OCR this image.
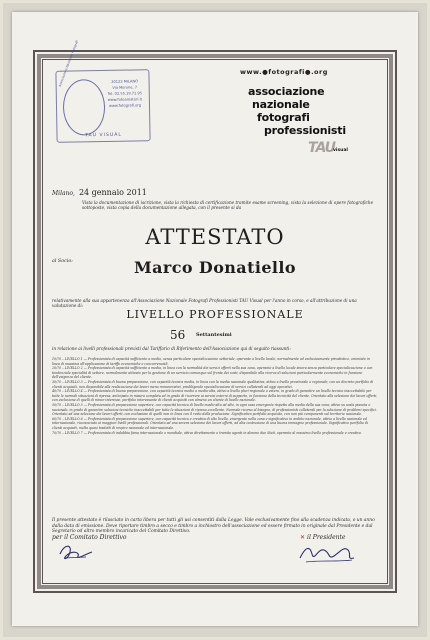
Associazione Nazionale Fotografi	20122 MILANO
Via Morone, 7
Tel. 02.55.19.71.95
www.fotoamatori.it
www.fotografi.org
TAU VISUAL
www.●fotografi●.org
associazione
nazionale
fotografi
professionisti
TAU
visual
Milano, 24 gennaio 2011
Vista la documentazione di iscrizione, vista la richiesta di certificazione tramite esame screening, vista la selezione di opere fotografiche sottoposte, vista copia della documentazione allegata, con il presente si da
ATTESTATO
al Socio:	Marco Donatiello
relativamente alla sua appartenenza all'Associazione Nazionale Fotografi Professionisti TAU Visual per l'anno in corso, e all'attribuzione di una valutazione di:
LIVELLO PROFESSIONALE
56 Settantesimi
in relazione ai livelli professionali previsti dal Tariffario di Riferimento dell'Associazione qui di seguito riassunti:

10/70 – LIVELLO 1 — Professionista di capacità sufficiente a medio, senza particolare specializzazione settoriale, operante a livello locale, normalmente od esclusivamente privatistico, orientato in linea di massima all'applicazione di tariffe economiche e concorrenziali.

20/70 – LIVELLO 2 — Professionista di capacità sufficiente a media, in linea con la normalità dei servizi offerti nella sua zona, operante a livello locale sinora senza particolare specializzazione o con tendenziale specialità di settore, normalmente attivato per la gestione di un servizio comunque sul fronte dei costi, disponibile alla ricerca di soluzioni particolarmente economiche in funzione dell'esigenza del cliente.

30/70 – LIVELLO 3 — Professionista di buona preparazione, con capacità tecnica media, in linea con la media nazionale qualitativa, attivo a livello provinciale o regionale, con un discreto portfolio di clienti acquisiti, non disponibile alla realizzazione dei lavori meno remunerativi, prediligendo specializzazione di servizi collaterali ad oggi operativi.

40/70 – LIVELLO 4 — Professionista di buona preparazione, con capacità tecnica medio a medio-alta, attivo a livello pluri-regionale o estero, in grado di garantire un livello tecnico inaccettabile per tutte le normali situazioni di ripresa, anticipato in misura completa ed in grado di ricorrere ai servizi esterni di supporto, in funzione della tecnicità del cliente. Orientato alla selezione dei lavori offerti, con esclusione di quelli di minor interesse, portfolio interessante di clienti acquisiti con almeno un cliente di livello nazionale.

50/70 – LIVELLO 5 — Professionista di preparazione superiore, con capacità tecnica di livello medio-alto od alto, in ogni caso emergente rispetto alla media della sua zona; attivo su scala pianeta o nazionale, in grado di garantire soluzioni tecniche inaccettabili per tutte le situazioni di ripresa eccellente. Normale ricorso al bisogno, di professionisti collaterali per la soluzione di problemi specifici. Orientato ad una selezione dei lavori offerti, con esclusione di quelli non in linea con il resto della produzione. Significativo portfolio acquisito, con non più componenti sul territorio nazionale.

60/70 – LIVELLO 6 — Professionista di preparazione superiore, con capacità tecnica e creativa di alto livello, emergente nella zona e significativo in ambito nazionale, attivo a livello nazionale ed internazionale, riconosciuto ai maggiori livelli professionali. Orientato ad una severa selezione dei lavori offerti, ad alta costruzione di una buona immagine professionale. Significativo portfolio di clienti acquisiti, molto quasi tradotti di respiro nazionale ed internazionale.

70/70 – LIVELLO 7 — Professionista di indubbia fama internazionale o mondiale, attivo direttamente o tramite agenti in almeno due Stati, operante al massimo livello professionale e creativo.

Il presente attestato è rilasciato in carta libera per tutti gli usi consentiti dalla Legge. Vale esclusivamente fino alla scadenza indicata, o un anno dalla data di emissione. Deve riportare timbro a secco e timbro a inchiostro dell'associazione ed essere firmato in originale dal Presidente e dal Segretario od altro membro incaricato del Comitato Direttivo.
per il Comitato Direttivo	✕ il Presidente
